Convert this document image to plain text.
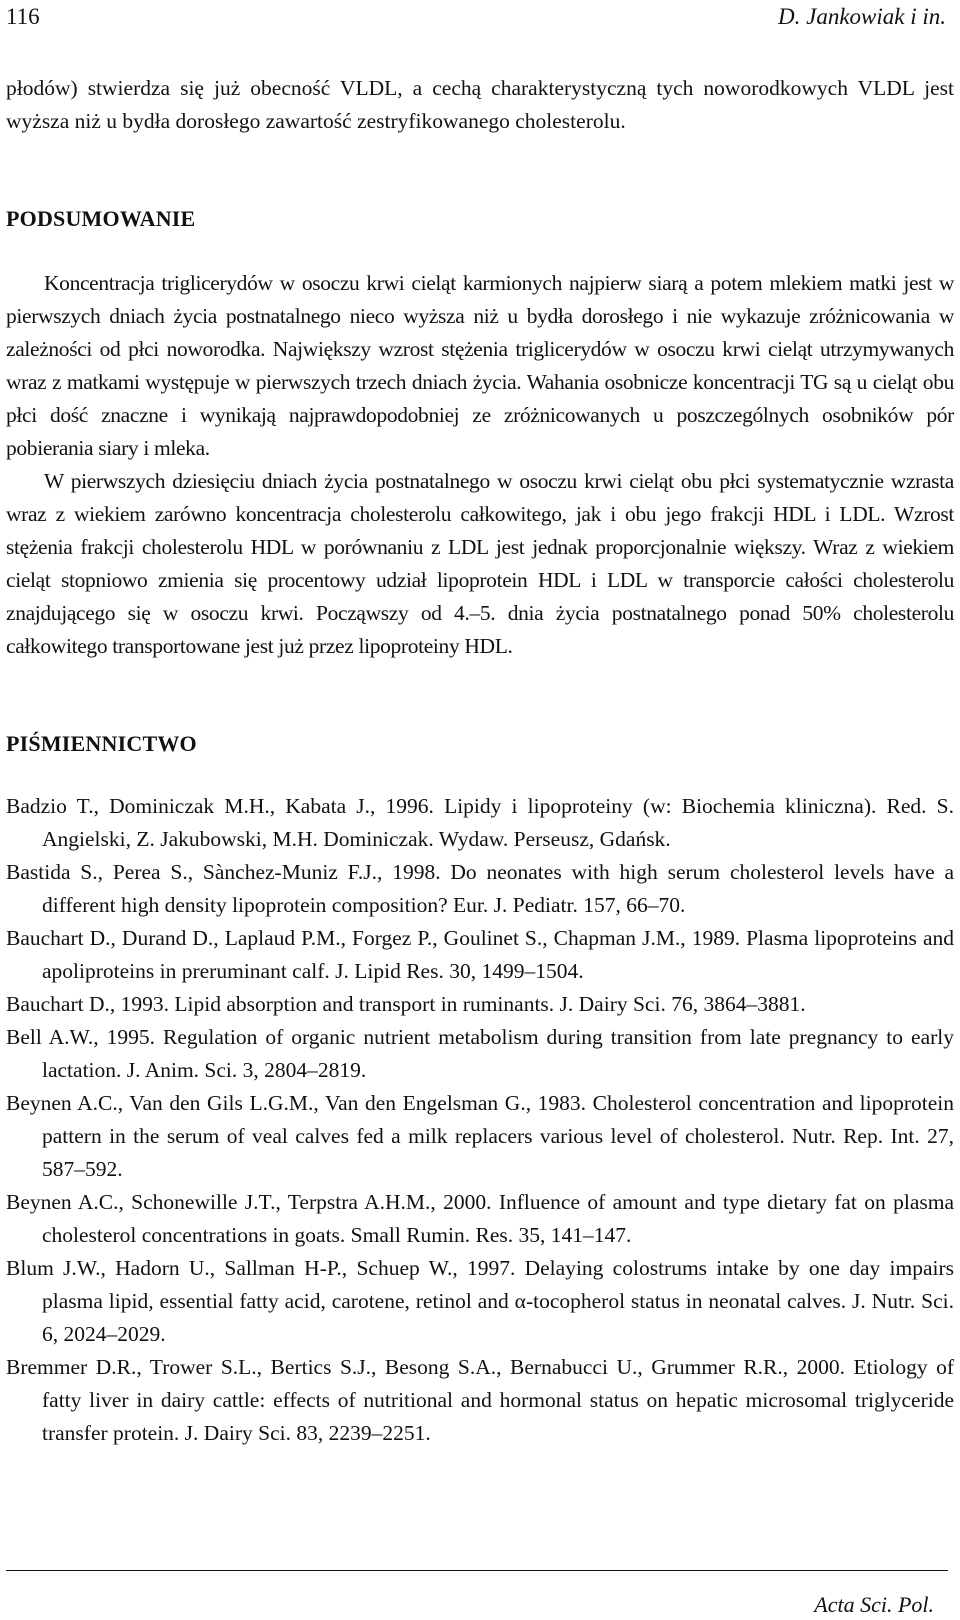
116	D. Jankowiak i in.

płodów) stwierdza się już obecność VLDL, a cechą charakterystyczną tych noworodkowych VLDL jest wyższa niż u bydła dorosłego zawartość zestryfikowanego cholesterolu.

PODSUMOWANIE

Koncentracja triglicerydów w osoczu krwi cieląt karmionych najpierw siarą a potem mlekiem matki jest w pierwszych dniach życia postnatalnego nieco wyższa niż u bydła dorosłego i nie wykazuje zróżnicowania w zależności od płci noworodka. Największy wzrost stężenia triglicerydów w osoczu krwi cieląt utrzymywanych wraz z matkami występuje w pierwszych trzech dniach życia. Wahania osobnicze koncentracji TG są u cieląt obu płci dość znaczne i wynikają najprawdopodobniej ze zróżnicowanych u poszczególnych osobników pór pobierania siary i mleka.

W pierwszych dziesięciu dniach życia postnatalnego w osoczu krwi cieląt obu płci systematycznie wzrasta wraz z wiekiem zarówno koncentracja cholesterolu całkowitego, jak i obu jego frakcji HDL i LDL. Wzrost stężenia frakcji cholesterolu HDL w porównaniu z LDL jest jednak proporcjonalnie większy. Wraz z wiekiem cieląt stopniowo zmienia się procentowy udział lipoprotein HDL i LDL w transporcie całości cholesterolu znajdującego się w osoczu krwi. Począwszy od 4.–5. dnia życia postnatalnego ponad 50% cholesterolu całkowitego transportowane jest już przez lipoproteiny HDL.

PIŚMIENNICTWO

Badzio T., Dominiczak M.H., Kabata J., 1996. Lipidy i lipoproteiny (w: Biochemia kliniczna). Red. S. Angielski, Z. Jakubowski, M.H. Dominiczak. Wydaw. Perseusz, Gdańsk.

Bastida S., Perea S., Sànchez-Muniz F.J., 1998. Do neonates with high serum cholesterol levels have a different high density lipoprotein composition? Eur. J. Pediatr. 157, 66–70.

Bauchart D., Durand D., Laplaud P.M., Forgez P., Goulinet S., Chapman J.M., 1989. Plasma lipoproteins and apoliproteins in preruminant calf. J. Lipid Res. 30, 1499–1504.

Bauchart D., 1993. Lipid absorption and transport in ruminants. J. Dairy Sci. 76, 3864–3881.

Bell A.W., 1995. Regulation of organic nutrient metabolism during transition from late pregnancy to early lactation. J. Anim. Sci. 3, 2804–2819.

Beynen A.C., Van den Gils L.G.M., Van den Engelsman G., 1983. Cholesterol concentration and lipoprotein pattern in the serum of veal calves fed a milk replacers various level of cholesterol. Nutr. Rep. Int. 27, 587–592.

Beynen A.C., Schonewille J.T., Terpstra A.H.M., 2000. Influence of amount and type dietary fat on plasma cholesterol concentrations in goats. Small Rumin. Res. 35, 141–147.

Blum J.W., Hadorn U., Sallman H-P., Schuep W., 1997. Delaying colostrums intake by one day impairs plasma lipid, essential fatty acid, carotene, retinol and α-tocopherol status in neonatal calves. J. Nutr. Sci. 6, 2024–2029.

Bremmer D.R., Trower S.L., Bertics S.J., Besong S.A., Bernabucci U., Grummer R.R., 2000. Etiology of fatty liver in dairy cattle: effects of nutritional and hormonal status on hepatic microsomal triglyceride transfer protein. J. Dairy Sci. 83, 2239–2251.

Acta Sci. Pol.
